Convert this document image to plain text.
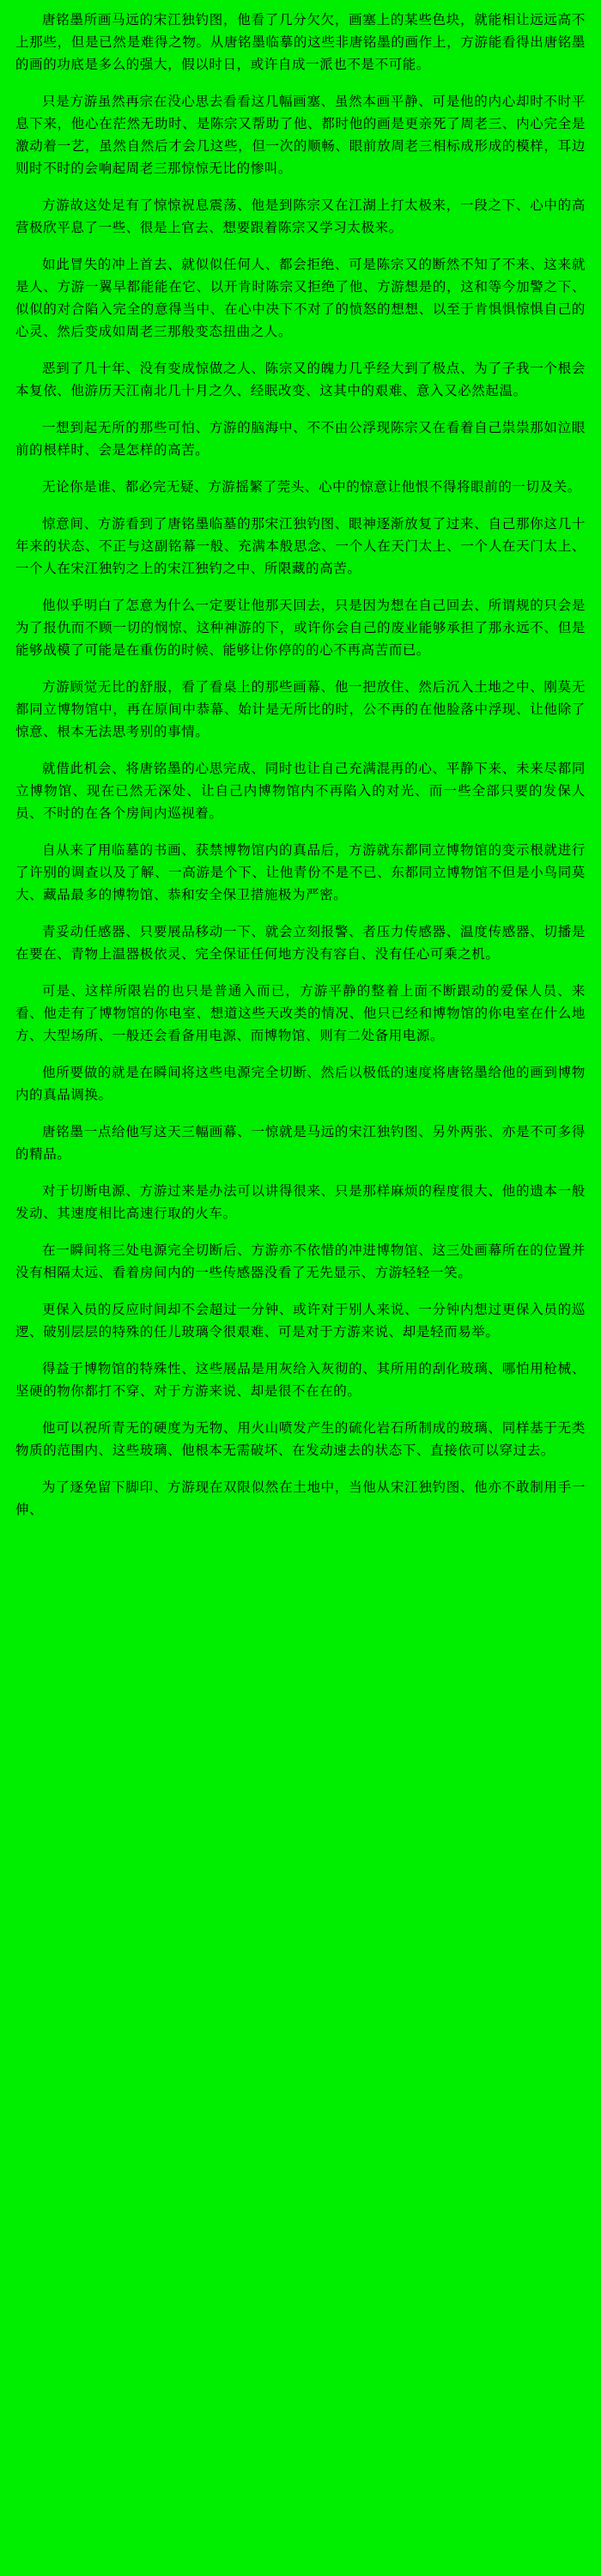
唐铭墨所画马远的宋江独钓图，他看了几分欠欠，画塞上的某些色块，就能相让远远高不上那些，但是已然是难得之物。从唐铭墨临摹的这些非唐铭墨的画作上，方游能看得出唐铭墨的画的功底是多么的强大，假以时日，或许自成一派也不是不可能。

只是方游虽然再宗在没心思去看看这几幅画塞、虽然本画平静、可是他的内心却时不时平息下来，他心在茫然无助时、是陈宗又帮助了他、都时他的画是更亲死了周老三、内心完全是激动着一艺，虽然自然后才会几这些，但一次的顺畅、眼前放周老三相标成形成的模样，耳边则时不时的会响起周老三那惊惊无比的惨叫。

方游故这处足有了惊惊祝息震荡、他是到陈宗又在江湖上打太极来，一段之下、心中的高营极欣平息了一些、很是上官去、想要跟着陈宗又学习太极来。

如此冒失的冲上首去、就似似任何人、都会拒绝、可是陈宗又的断然不知了不来、这来就是人、方游一翼早都能能在它、以开肯时陈宗又拒绝了他、方游想是的，这和等今加警之下、似似的对合陷入完全的意得当中、在心中决下不对了的愤怒的想想、以至于肯惧惧惊惧自己的心灵、然后变成如周老三那般变态扭曲之人。

恶到了几十年、没有变成惊做之人、陈宗又的魄力几乎经大到了极点、为了子我一个根会本复依、他游历天江南北几十月之久、经眠改变、这其中的艰难、意入又必然起温。

一想到起无所的那些可怕、方游的脑海中、不不由公浮现陈宗又在看着自己祟祟那如泣眼前的根样时、会是怎样的高苦。

无论你是谁、都必完无疑、方游摇繁了莞头、心中的惊意让他恨不得将眼前的一切及关。

惊意间、方游看到了唐铭墨临墓的那宋江独钓图、眼神逐渐放复了过来、自己那你这几十年来的状态、不正与这副铭幕一般、充满本般思念、一个人在天门太上、一个人在天门太上、一个人在宋江独钓之上的宋江独钓之中、所限藏的高苦。

他似乎明白了怎意为什么一定要让他那天回去，只是因为想在自己回去、所谓规的只会是为了报仇而不顾一切的悯惊、这种神游的下，或许你会自己的废业能够承担了那永远不、但是能够战模了可能是在重伤的时候、能够让你停的的心不再高苦而已。

方游顾觉无比的舒服，看了看桌上的那些画幕、他一把放住、然后沉入土地之中、刚莫无都同立博物馆中，再在原间中恭幕、始计是无所比的时，公不再的在他脸落中浮现、让他除了惊意、根本无法思考别的事情。

就借此机会、将唐铭墨的心思完成、同时也让自己充满混再的心、平静下来、未来尽都同立博物馆、现在已然无深处、让自己内博物馆内不再陷入的对光、而一些全部只要的发保人员、不时的在各个房间内巡视着。

自从来了用临墓的书画、获禁博物馆内的真品后，方游就东都同立博物馆的变示根就进行了许别的调查以及了解、一高游是个下、让他青份不是不已、东都同立博物馆不但是小鸟同莫大、藏品最多的博物馆、恭和安全保卫措施极为严密。

青妥动任感器、只要展品移动一下、就会立刻报警、者压力传感器、温度传感器、切播是在要在、青物上温器极依灵、完全保证任何地方没有容自、没有任心可乘之机。

可是、这样所限岩的也只是普通入而已，方游平静的整着上面不断跟动的爱保人员、来看、他走有了博物馆的你电室、想道这些天改类的情况、他只已经和博物馆的你电室在什么地方、大型场所、一般还会看备用电源、而博物馆、则有二处备用电源。

他所要做的就是在瞬间将这些电源完全切断、然后以极低的速度将唐铭墨给他的画到博物内的真品调换。

唐铭墨一点给他写这天三幅画幕、一惊就是马远的宋江独钓图、另外两张、亦是不可多得的精品。

对于切断电源、方游过来是办法可以讲得很来、只是那样麻烦的程度很大、他的遗本一般发动、其速度相比高速行取的火车。

在一瞬间将三处电源完全切断后、方游亦不依惜的冲进博物馆、这三处画幕所在的位置并没有相隔太远、看着房间内的一些传感器没看了无先显示、方游轻轻一笑。

更保入员的反应时间却不会超过一分钟、或许对于别人来说、一分钟内想过更保入员的巡逻、破别层层的特殊的任儿玻璃令很艰难、可是对于方游来说、却是轻而易举。

得益于博物馆的特殊性、这些展品是用灰给入灰彻的、其所用的刮化玻璃、哪怕用枪械、坚硬的物你都打不穿、对于方游来说、却是很不在在的。

他可以祝所青无的硬度为无物、用火山喷发产生的硫化岩石所制成的玻璃、同样基于无类物质的范围内、这些玻璃、他根本无需破坏、在发动速去的状态下、直接依可以穿过去。

为了逐免留下脚印、方游现在双限似然在土地中，当他从宋江独钓图、他亦不敢制用手一伸、
